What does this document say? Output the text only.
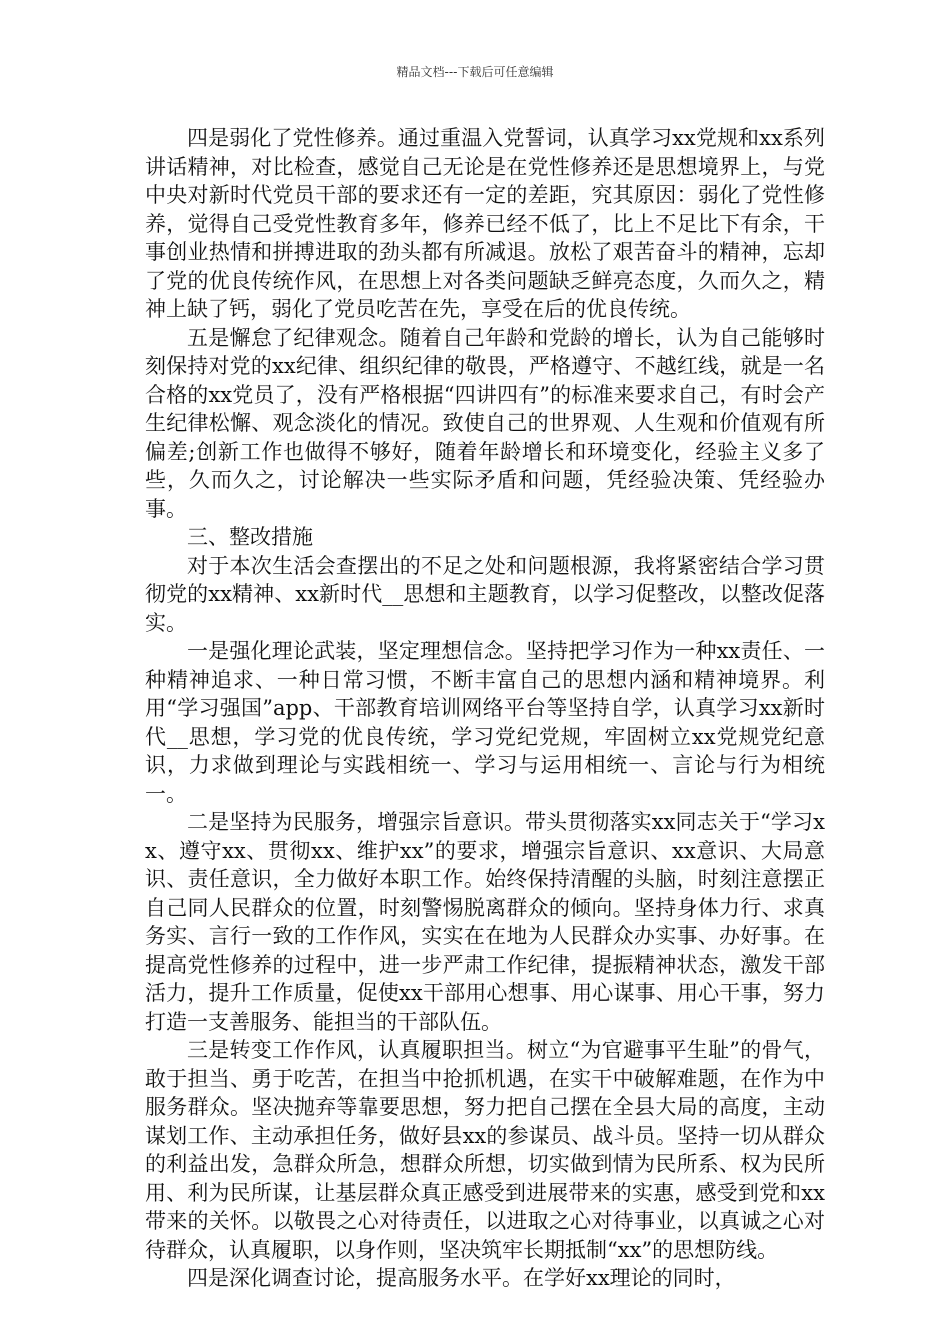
精品文档---下载后可任意编辑

四是弱化了党性修养。通过重温入党誓词，认真学习xx党规和xx系列讲话精神，对比检查，感觉自己无论是在党性修养还是思想境界上，与党中央对新时代党员干部的要求还有一定的差距，究其原因：弱化了党性修养，觉得自己受党性教育多年，修养已经不低了，比上不足比下有余，干事创业热情和拼搏进取的劲头都有所减退。放松了艰苦奋斗的精神，忘却了党的优良传统作风，在思想上对各类问题缺乏鲜亮态度，久而久之，精神上缺了钙，弱化了党员吃苦在先，享受在后的优良传统。

五是懈怠了纪律观念。随着自己年龄和党龄的增长，认为自己能够时刻保持对党的xx纪律、组织纪律的敬畏，严格遵守、不越红线，就是一名合格的xx党员了，没有严格根据“四讲四有”的标准来要求自己，有时会产生纪律松懈、观念淡化的情况。致使自己的世界观、人生观和价值观有所偏差;创新工作也做得不够好，随着年龄增长和环境变化，经验主义多了些，久而久之，讨论解决一些实际矛盾和问题，凭经验决策、凭经验办事。

三、整改措施

对于本次生活会查摆出的不足之处和问题根源，我将紧密结合学习贯彻党的xx精神、xx新时代__思想和主题教育，以学习促整改，以整改促落实。

一是强化理论武装，坚定理想信念。坚持把学习作为一种xx责任、一种精神追求、一种日常习惯，不断丰富自己的思想内涵和精神境界。利用“学习强国”app、干部教育培训网络平台等坚持自学，认真学习xx新时代__思想，学习党的优良传统，学习党纪党规，牢固树立xx党规党纪意识，力求做到理论与实践相统一、学习与运用相统一、言论与行为相统一。

二是坚持为民服务，增强宗旨意识。带头贯彻落实xx同志关于“学习xx、遵守xx、贯彻xx、维护xx”的要求，增强宗旨意识、xx意识、大局意识、责任意识，全力做好本职工作。始终保持清醒的头脑，时刻注意摆正自己同人民群众的位置，时刻警惕脱离群众的倾向。坚持身体力行、求真务实、言行一致的工作作风，实实在在地为人民群众办实事、办好事。在提高党性修养的过程中，进一步严肃工作纪律，提振精神状态，激发干部活力，提升工作质量，促使xx干部用心想事、用心谋事、用心干事，努力打造一支善服务、能担当的干部队伍。

三是转变工作作风，认真履职担当。树立“为官避事平生耻”的骨气，敢于担当、勇于吃苦，在担当中抢抓机遇，在实干中破解难题，在作为中服务群众。坚决抛弃等靠要思想，努力把自己摆在全县大局的高度，主动谋划工作、主动承担任务，做好县xx的参谋员、战斗员。坚持一切从群众的利益出发，急群众所急，想群众所想，切实做到情为民所系、权为民所用、利为民所谋，让基层群众真正感受到进展带来的实惠，感受到党和xx带来的关怀。以敬畏之心对待责任，以进取之心对待事业，以真诚之心对待群众，认真履职，以身作则，坚决筑牢长期抵制“xx”的思想防线。

四是深化调查讨论，提高服务水平。在学好xx理论的同时，
